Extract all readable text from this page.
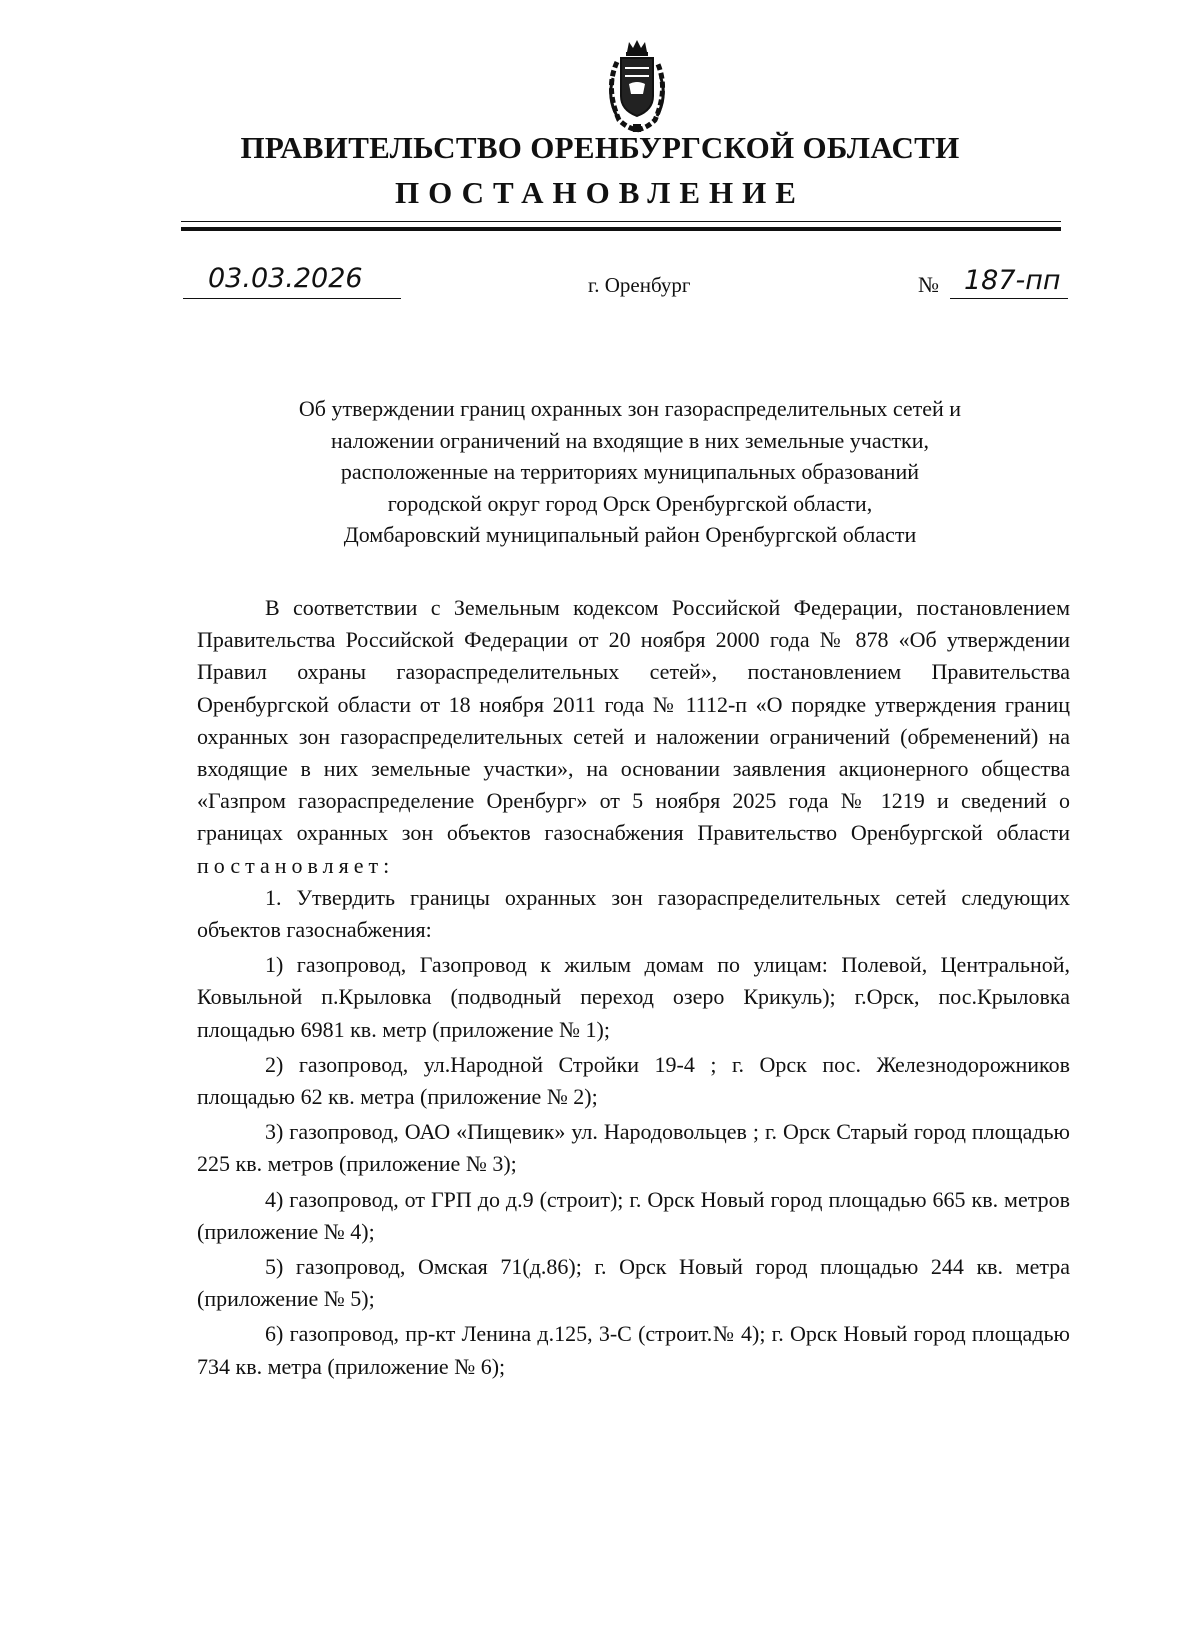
ПРАВИТЕЛЬСТВО ОРЕНБУРГСКОЙ ОБЛАСТИ
ПОСТАНОВЛЕНИЕ
03.03.2026	г. Оренбург	№ 187-пп
Об утверждении границ охранных зон газораспределительных сетей и
наложении ограничений на входящие в них земельные участки,
расположенные на территориях муниципальных образований
городской округ город Орск Оренбургской области,
Домбаровский муниципальный район Оренбургской области

В соответствии с Земельным кодексом Российской Федерации, постановлением Правительства Российской Федерации от 20 ноября 2000 года № 878 «Об утверждении Правил охраны газораспределительных сетей», постановлением Правительства Оренбургской области от 18 ноября 2011 года № 1112-п «О порядке утверждения границ охранных зон газораспределительных сетей и наложении ограничений (обременений) на входящие в них земельные участки», на основании заявления акционерного общества «Газпром газораспределение Оренбург» от 5 ноября 2025 года № 1219 и сведений о границах охранных зон объектов газоснабжения Правительство Оренбургской области постановляет:

1. Утвердить границы охранных зон газораспределительных сетей следующих объектов газоснабжения:

1) газопровод, Газопровод к жилым домам по улицам: Полевой, Центральной, Ковыльной п.Крыловка (подводный переход озеро Крикуль); г.Орск, пос.Крыловка площадью 6981 кв. метр (приложение № 1);

2) газопровод, ул.Народной Стройки 19-4 ; г. Орск пос. Железнодорожников площадью 62 кв. метра (приложение № 2);

3) газопровод, ОАО «Пищевик» ул. Народовольцев ; г. Орск Старый город площадью 225 кв. метров (приложение № 3);

4) газопровод, от ГРП до д.9 (строит); г. Орск Новый город площадью 665 кв. метров (приложение № 4);

5) газопровод, Омская 71(д.86); г. Орск Новый город площадью 244 кв. метра (приложение № 5);

6) газопровод, пр-кт Ленина д.125, 3-С (строит.№ 4); г. Орск Новый город площадью 734 кв. метра (приложение № 6);
